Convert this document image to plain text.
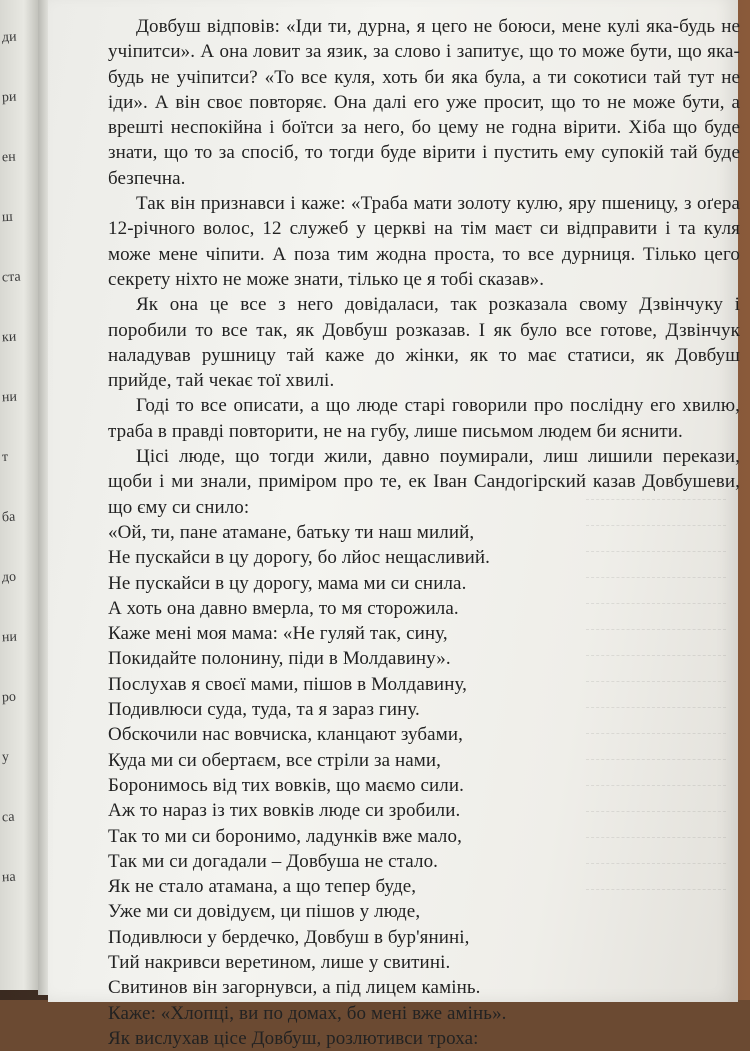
ди
ри
ен
ш
ста
ки
ни
т
ба
до
ни
ро
у
са
на

Довбуш відповів: «Іди ти, дурна, я цего не боюси, мене кулі яка-будь не учіпитси». А она ловит за язик, за слово і запитує, що то може бути, що яка-будь не учіпитси? «То все куля, хоть би яка була, а ти сокотиси тай тут не іди». А він своє повторяє. Она далі его уже просит, що то не може бути, а врешті неспокійна і боїтси за него, бо цему не годна вірити. Хіба що буде знати, що то за спосіб, то тогди буде вірити і пустить ему супокій тай буде безпечна.

Так він признавси і каже: «Траба мати золоту кулю, яру пшеницу, з оґера 12-річного волос, 12 служеб у церкві на тім маєт си відправити і та куля може мене чіпити. А поза тим жодна проста, то все дурниця. Тілько цего секрету ніхто не може знати, тілько це я тобі сказав».

Як она це все з него довідаласи, так розказала свому Дзвінчуку і поробили то все так, як Довбуш розказав. І як було все готове, Дзвінчук наладував рушницу тай каже до жінки, як то має статиси, як Довбуш прийде, тай чекає тої хвилі.

Годі то все описати, а що люде старі говорили про послідну его хвилю, траба в правді повторити, не на губу, лише письмом людем би яснити.

Цісі люде, що тогди жили, давно поумирали, лиш лишили перекази, щоби і ми знали, приміром про те, ек Іван Сандогірский казав Довбушеви, що єму си снило:

«Ой, ти, пане атамане, батьку ти наш милий,
Не пускайси в цу дорогу, бо лйос нещасливий.
Не пускайси в цу дорогу, мама ми си снила.
А хоть она давно вмерла, то мя сторожила.
Каже мені моя мама: «Не гуляй так, сину,
Покидайте полонину, піди в Молдавину».
Послухав я своєї мами, пішов в Молдавину,
Подивлюси суда, туда, та я зараз гину.
Обскочили нас вовчиска, кланцают зубами,
Куда ми си обертаєм, все стріли за нами,
Боронимось від тих вовків, що маємо сили.
Аж то нараз із тих вовків люде си зробили.
Так то ми си боронимо, ладунків вже мало,
Так ми си догадали – Довбуша не стало.
Як не стало атамана, а що тепер буде,
Уже ми си довідуєм, ци пішов у люде,
Подивлюси у бердечко, Довбуш в бур'янині,
Тий накривси веретином, лише у свитині.
Свитинов він загорнувси, а під лицем камінь.
Каже: «Хлопці, ви по домах, бо мені вже амінь».
Як вислухав цісе Довбуш, розлютивси троха:
